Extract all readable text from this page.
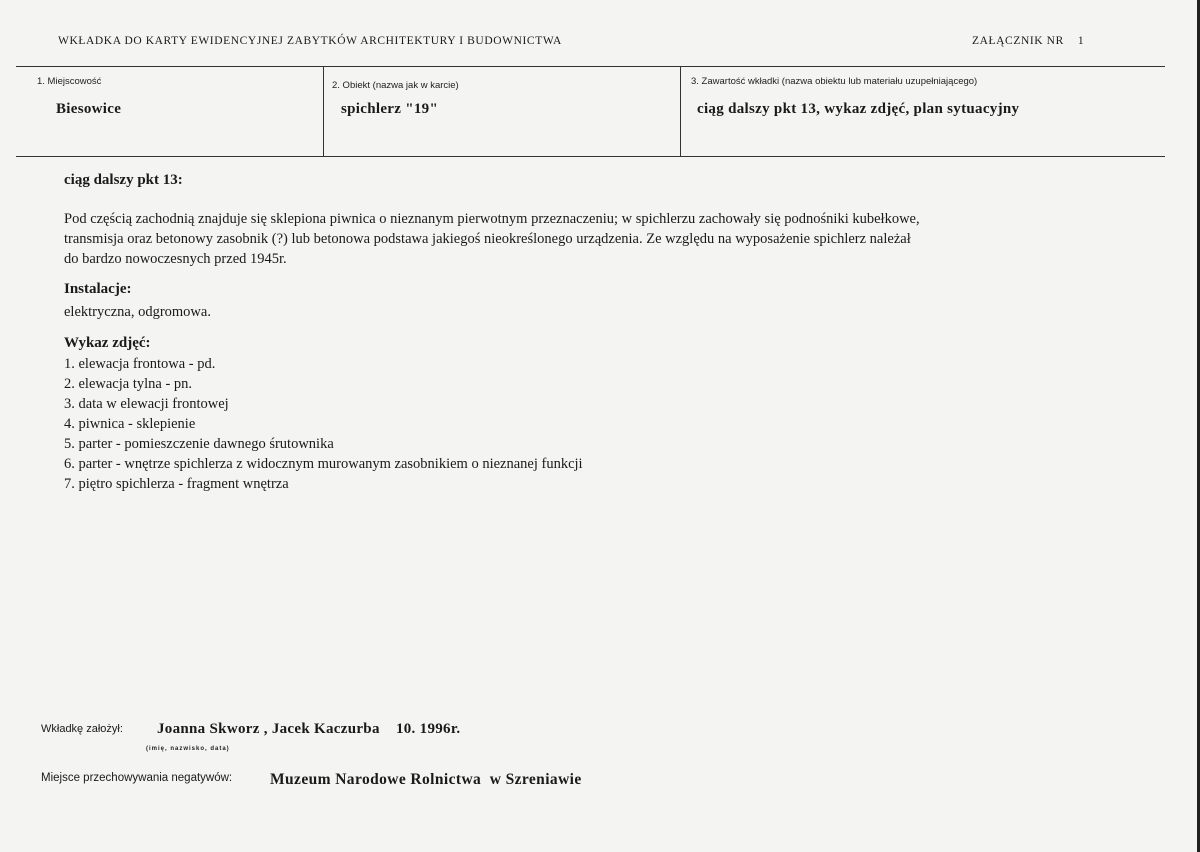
WKŁADKA DO KARTY EWIDENCYJNEJ ZABYTKÓW ARCHITEKTURY I BUDOWNICTWA	ZAŁĄCZNIK NR 1
1. Miejscowość
Biesowice
2. Obiekt (nazwa jak w karcie)
spichlerz "19"
3. Zawartość wkładki (nazwa obiektu lub materiału uzupełniającego)
ciąg dalszy pkt 13, wykaz zdjęć, plan sytuacyjny
ciąg dalszy pkt 13:
Pod częścią zachodnią znajduje się sklepiona piwnica o nieznanym pierwotnym przeznaczeniu; w spichlerzu zachowały się podnośniki kubełkowe,
transmisja oraz betonowy zasobnik (?) lub betonowa podstawa jakiegoś nieokreślonego urządzenia. Ze względu na wyposażenie spichlerz należał
do bardzo nowoczesnych przed 1945r.
Instalacje:
elektryczna, odgromowa.
Wykaz zdjęć:
1. elewacja frontowa - pd.
2. elewacja tylna - pn.
3. data w elewacji frontowej
4. piwnica - sklepienie
5. parter - pomieszczenie dawnego śrutownika
6. parter - wnętrze spichlerza z widocznym murowanym zasobnikiem o nieznanej funkcji
7. piętro spichlerza - fragment wnętrza
Wkładkę założył: Joanna Skworz , Jacek Kaczurba    10. 1996r.
(imię, nazwisko, data)
Miejsce przechowywania negatywów: Muzeum Narodowe Rolnictwa  w Szreniawie
